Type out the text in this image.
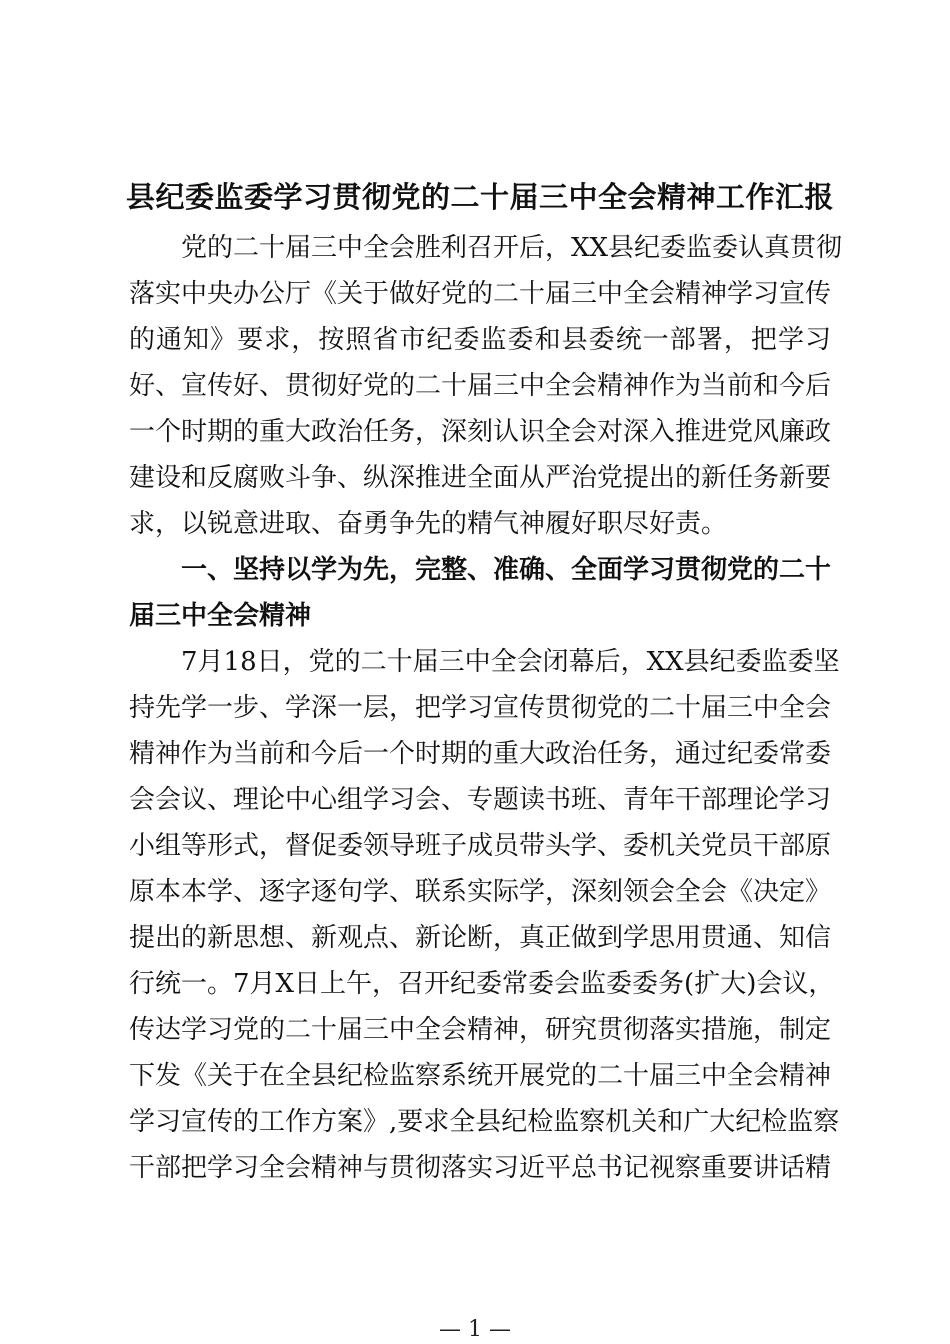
县纪委监委学习贯彻党的二十届三中全会精神工作汇报
党的二十届三中全会胜利召开后，XX县纪委监委认真贯彻
落实中央办公厅《关于做好党的二十届三中全会精神学习宣传
的通知》要求，按照省市纪委监委和县委统一部署，把学习
好、宣传好、贯彻好党的二十届三中全会精神作为当前和今后
一个时期的重大政治任务，深刻认识全会对深入推进党风廉政
建设和反腐败斗争、纵深推进全面从严治党提出的新任务新要
求，以锐意进取、奋勇争先的精气神履好职尽好责。
一、坚持以学为先，完整、准确、全面学习贯彻党的二十
届三中全会精神
7月18日，党的二十届三中全会闭幕后，XX县纪委监委坚
持先学一步、学深一层，把学习宣传贯彻党的二十届三中全会
精神作为当前和今后一个时期的重大政治任务，通过纪委常委
会会议、理论中心组学习会、专题读书班、青年干部理论学习
小组等形式，督促委领导班子成员带头学、委机关党员干部原
原本本学、逐字逐句学、联系实际学，深刻领会全会《决定》
提出的新思想、新观点、新论断，真正做到学思用贯通、知信
行统一。7月X日上午，召开纪委常委会监委委务(扩大)会议，
传达学习党的二十届三中全会精神，研究贯彻落实措施，制定
下发《关于在全县纪检监察系统开展党的二十届三中全会精神
学习宣传的工作方案》,要求全县纪检监察机关和广大纪检监察
干部把学习全会精神与贯彻落实习近平总书记视察重要讲话精
— 1 —
